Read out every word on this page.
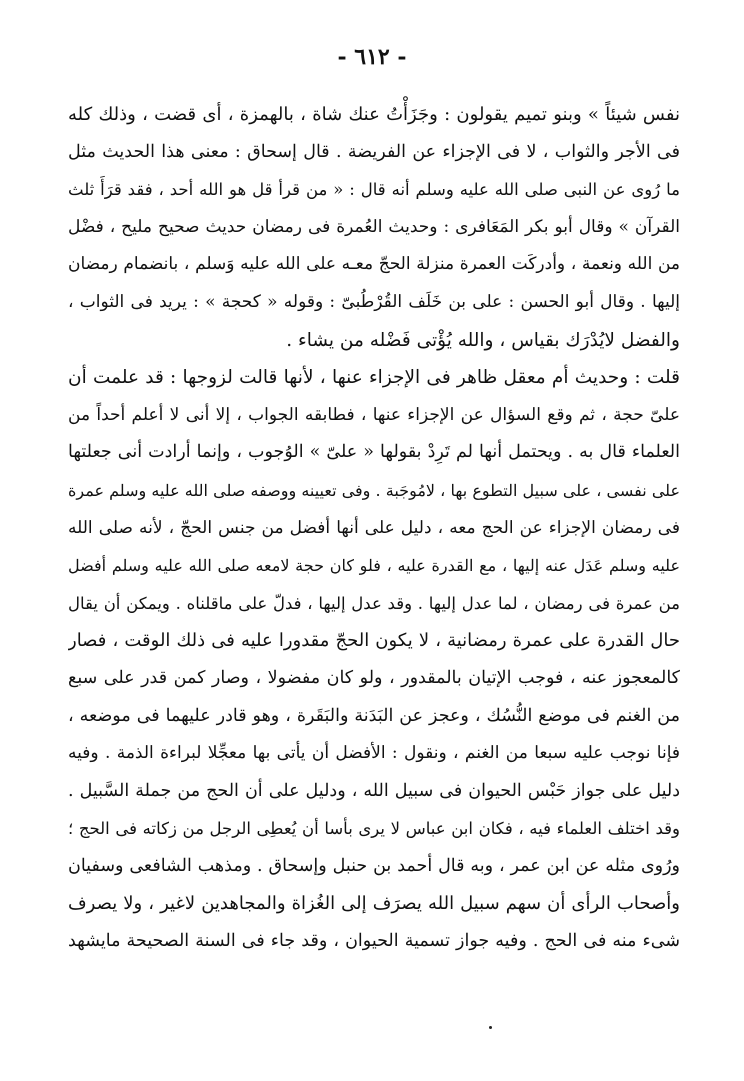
- ٦١٢ -
نفس شيئاً » وبنو تميم يقولون : وجَزَأْتُ عنك شاة ، بالهمزة ، أى قضت ، وذلك كله
فى الأجر والثواب ، لا فى الإجزاء عن الفريضة . قال إسحاق : معنى هذا الحديث مثل
ما رُوى عن النبى صلى الله عليه وسلم أنه قال : « من قرأ قل هو الله أحد ، فقد قرَأَ ثلث
القرآن » وقال أبو بكر المَعَافرى : وحديث العُمرة فى رمضان حديث صحيح مليح ، فضْل
من الله ونعمة ، وأدركَت العمرة منزلة الحجّ معـه على الله عليه وَسلم ، بانضمام رمضان
إليها . وقال أبو الحسن : على بن خَلَف القُرْطُبىّ : وقوله « كحجة » : يريد فى الثواب ،
والفضل لايُدْرَك بقياس ، والله يُؤْتى فَضْله من يشاء .
قلت : وحديث أم معقل ظاهر فى الإجزاء عنها ، لأنها قالت لزوجها : قد علمت أن
علىّ حجة ، ثم وقع السؤال عن الإجزاء عنها ، فطابقه الجواب ، إلا أنى لا أعلم أحداً من
العلماء قال به . ويحتمل أنها لم تَرِدْ بقولها « علىّ » الوُجوب ، وإنما أرادت أنى جعلتها
على نفسى ، على سبيل التطوع بها ، لامُوجَبة . وفى تعيينه ووصفه صلى الله عليه وسلم عمرة
فى رمضان الإجزاء عن الحج معه ، دليل على أنها أفضل من جنس الحجّ ، لأنه صلى الله
عليه وسلم عَدَل عنه إليها ، مع القدرة عليه ، فلو كان حجة لامعه صلى الله عليه وسلم أفضل
من عمرة فى رمضان ، لما عدل إليها . وقد عدل إليها ، فدلّ على ماقلناه . ويمكن أن يقال
حال القدرة على عمرة رمضانية ، لا يكون الحجّ مقدورا عليه فى ذلك الوقت ، فصار
كالمعجوز عنه ، فوجب الإتيان بالمقدور ، ولو كان مفضولا ، وصار كمن قدر على سبع
من الغنم فى موضع النُّسُك ، وعجز عن البَدَنة والبَقَرة ، وهو قادر عليهما فى موضعه ،
فإنا نوجب عليه سبعا من الغنم ، ونقول : الأفضل أن يأتى بها معجِّلا لبراءة الذمة . وفيه
دليل على جواز حَبْس الحيوان فى سبيل الله ، ودليل على أن الحج من جملة السَّبيل .
وقد اختلف العلماء فيه ، فكان ابن عباس لا يرى بأسا أن يُعطِى الرجل من زكاته فى الحج ؛
ورُوى مثله عن ابن عمر ، وبه قال أحمد بن حنبل وإسحاق . ومذهب الشافعى وسفيان
وأصحاب الرأى أن سهم سبيل الله يصرَف إلى الغُزاة والمجاهدين لاغير ، ولا يصرف
شىء منه فى الحج . وفيه جواز تسمية الحيوان ، وقد جاء فى السنة الصحيحة مايشهد
